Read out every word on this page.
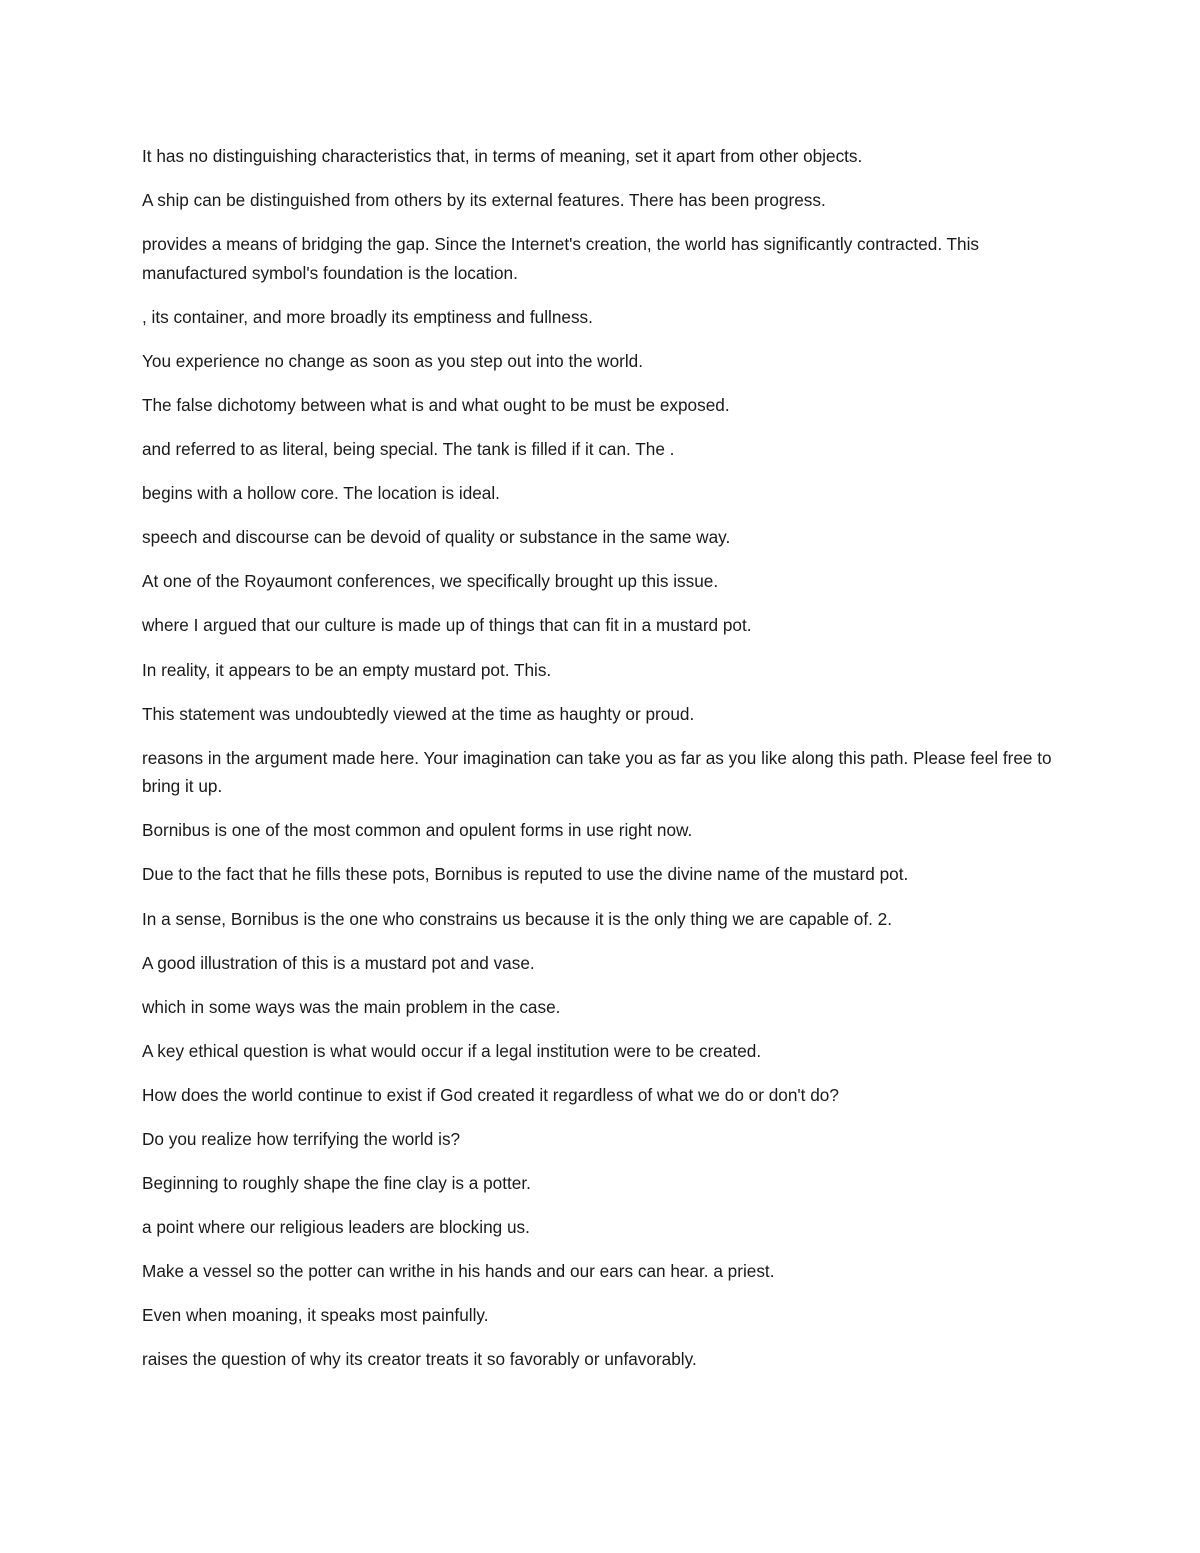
It has no distinguishing characteristics that, in terms of meaning, set it apart from other objects.

A ship can be distinguished from others by its external features. There has been progress.

provides a means of bridging the gap. Since the Internet's creation, the world has significantly contracted. This manufactured symbol's foundation is the location.

, its container, and more broadly its emptiness and fullness.

You experience no change as soon as you step out into the world.

The false dichotomy between what is and what ought to be must be exposed.

and referred to as literal, being special. The tank is filled if it can. The .

begins with a hollow core. The location is ideal.

speech and discourse can be devoid of quality or substance in the same way.

At one of the Royaumont conferences, we specifically brought up this issue.

where I argued that our culture is made up of things that can fit in a mustard pot.

In reality, it appears to be an empty mustard pot. This.

This statement was undoubtedly viewed at the time as haughty or proud.

reasons in the argument made here. Your imagination can take you as far as you like along this path. Please feel free to bring it up.

Bornibus is one of the most common and opulent forms in use right now.

Due to the fact that he fills these pots, Bornibus is reputed to use the divine name of the mustard pot.

In a sense, Bornibus is the one who constrains us because it is the only thing we are capable of. 2.

A good illustration of this is a mustard pot and vase.

which in some ways was the main problem in the case.

A key ethical question is what would occur if a legal institution were to be created.

How does the world continue to exist if God created it regardless of what we do or don't do?

Do you realize how terrifying the world is?

Beginning to roughly shape the fine clay is a potter.

a point where our religious leaders are blocking us.

Make a vessel so the potter can writhe in his hands and our ears can hear. a priest.

Even when moaning, it speaks most painfully.

raises the question of why its creator treats it so favorably or unfavorably.
